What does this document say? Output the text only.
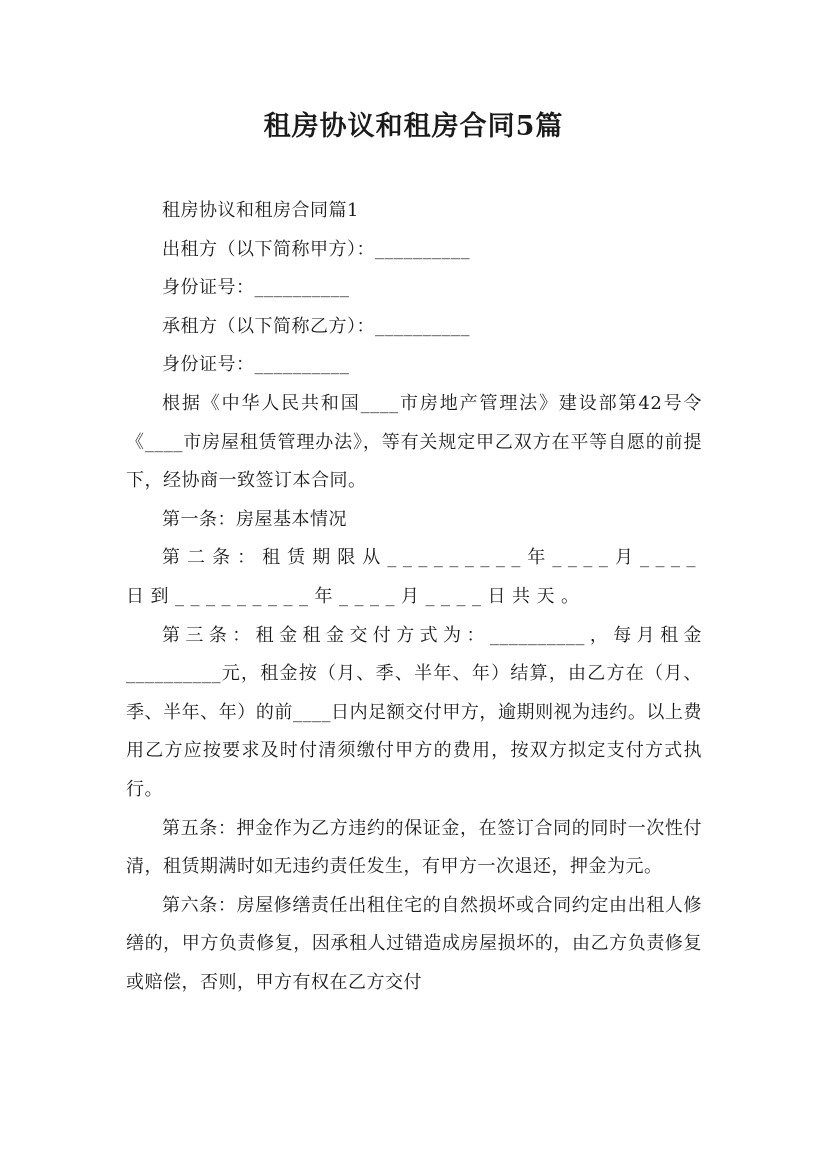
租房协议和租房合同5篇

租房协议和租房合同篇1

出租方（以下简称甲方）：__________

身份证号：__________

承租方（以下简称乙方）：__________

身份证号：__________

根据《中华人民共和国____市房地产管理法》建设部第42号令《____市房屋租赁管理办法》，等有关规定甲乙双方在平等自愿的前提下，经协商一致签订本合同。

第一条：房屋基本情况

第二条：租赁期限从_________年____月____日到_________年____月____日共天。

第三条：租金租金交付方式为：__________，每月租金__________元，租金按（月、季、半年、年）结算，由乙方在（月、季、半年、年）的前____日内足额交付甲方，逾期则视为违约。以上费用乙方应按要求及时付清须缴付甲方的费用，按双方拟定支付方式执行。

第五条：押金作为乙方违约的保证金，在签订合同的同时一次性付清，租赁期满时如无违约责任发生，有甲方一次退还，押金为元。

第六条：房屋修缮责任出租住宅的自然损坏或合同约定由出租人修缮的，甲方负责修复，因承租人过错造成房屋损坏的，由乙方负责修复或赔偿，否则，甲方有权在乙方交付
